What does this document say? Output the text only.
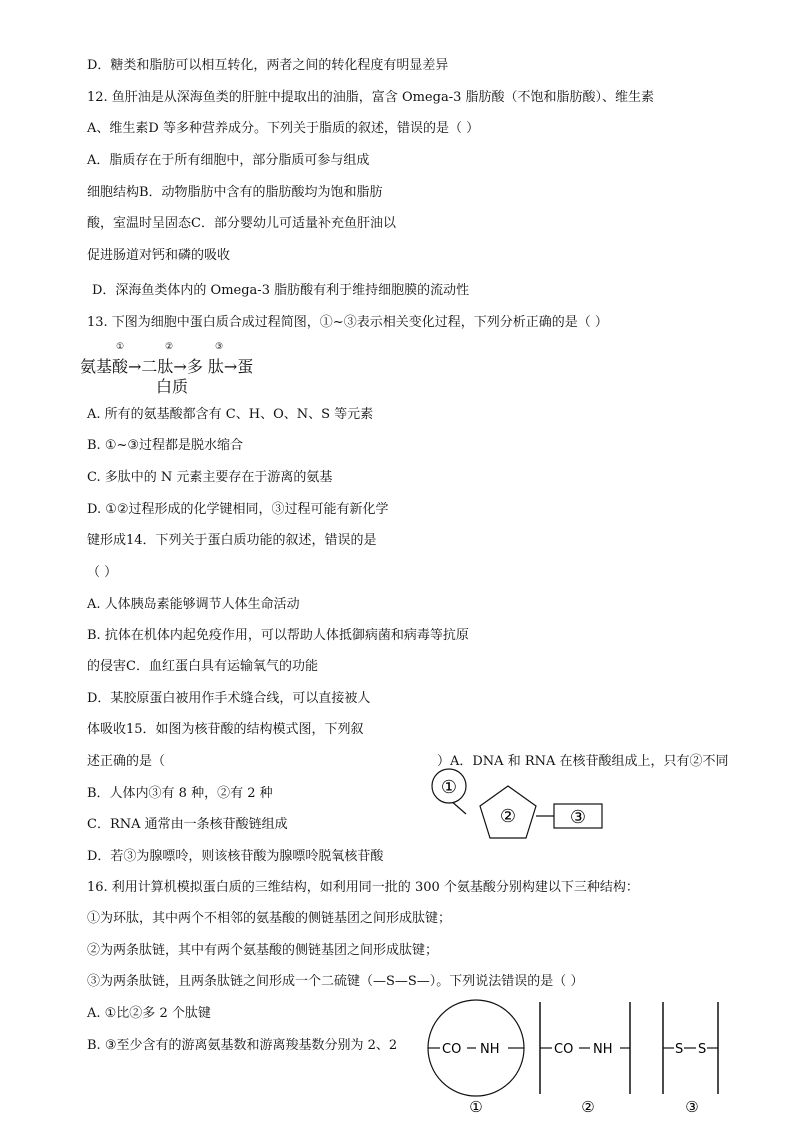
D．糖类和脂肪可以相互转化，两者之间的转化程度有明显差异
12. 鱼肝油是从深海鱼类的肝脏中提取出的油脂，富含 Omega-3 脂肪酸（不饱和脂肪酸）、维生素
A、维生素D 等多种营养成分。下列关于脂质的叙述，错误的是（ ）
A．脂质存在于所有细胞中，部分脂质可参与组成
细胞结构B．动物脂肪中含有的脂肪酸均为饱和脂肪
酸，室温时呈固态C．部分婴幼儿可适量补充鱼肝油以
促进肠道对钙和磷的吸收
D．深海鱼类体内的 Omega-3 脂肪酸有利于维持细胞膜的流动性
13. 下图为细胞中蛋白质合成过程简图，①~③表示相关变化过程，下列分析正确的是（ ）
①	②	③
氨基酸→二肽→多 肽→蛋
白质
A. 所有的氨基酸都含有 C、H、O、N、S 等元素
B. ①~③过程都是脱水缩合
C. 多肽中的 N 元素主要存在于游离的氨基
D. ①②过程形成的化学键相同，③过程可能有新化学
键形成14．下列关于蛋白质功能的叙述，错误的是
（ ）
A. 人体胰岛素能够调节人体生命活动
B. 抗体在机体内起免疫作用，可以帮助人体抵御病菌和病毒等抗原
的侵害C．血红蛋白具有运输氧气的功能
D．某胶原蛋白被用作手术缝合线，可以直接被人
体吸收15．如图为核苷酸的结构模式图，下列叙
述正确的是（	）A．DNA 和 RNA 在核苷酸组成上，只有②不同
B．人体内③有 8 种，②有 2 种
C．RNA 通常由一条核苷酸链组成
D．若③为腺嘌呤，则该核苷酸为腺嘌呤脱氧核苷酸
①
②	③
16. 利用计算机模拟蛋白质的三维结构，如利用同一批的 300 个氨基酸分别构建以下三种结构：
①为环肽，其中两个不相邻的氨基酸的侧链基团之间形成肽键；
②为两条肽链，其中有两个氨基酸的侧链基团之间形成肽键；
③为两条肽链，且两条肽链之间形成一个二硫键（—S—S—）。下列说法错误的是（ ）
A. ①比②多 2 个肽键
B. ③至少含有的游离氨基数和游离羧基数分别为 2、2	CO NH	CO NH	S S
①	②	③
